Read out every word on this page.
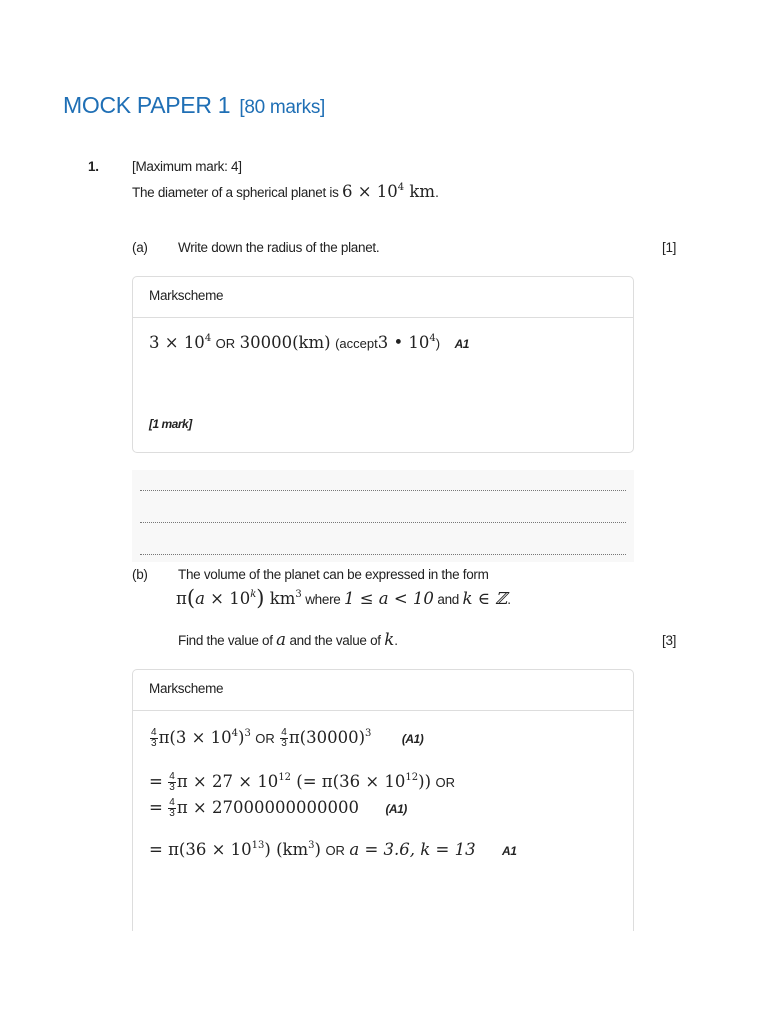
MOCK PAPER 1 [80 marks]
1. [Maximum mark: 4]
The diameter of a spherical planet is $6 \times 10^4$ km.
(a) Write down the radius of the planet.	[1]
Markscheme
$3 \times 10^4$ OR 30000(km) (accept3 • $10^4$) A1
[1 mark]
(b) The volume of the planet can be expressed in the form
$\pi(a \times 10^k)$ $km^3$ where 1 ≤ a < 10 and k ∈ ℤ.
Find the value of a and the value of k.	[3]
Markscheme
$\frac{4}{3} \pi(3 \times 10^4)^3$ OR $\frac{4}{3} \pi(30000)^3$	(A1)
= $\frac{4}{3}$ $\pi \times 27 \times 10^{12}$ (= $\pi(36 \times 10^{12})$) OR
= $\frac{4}{3}$ π × 27000000000000 (A1)
= $\pi(36 \times 10^{13})$ $(km^3)$ OR a = 3.6, k = 13 A1
